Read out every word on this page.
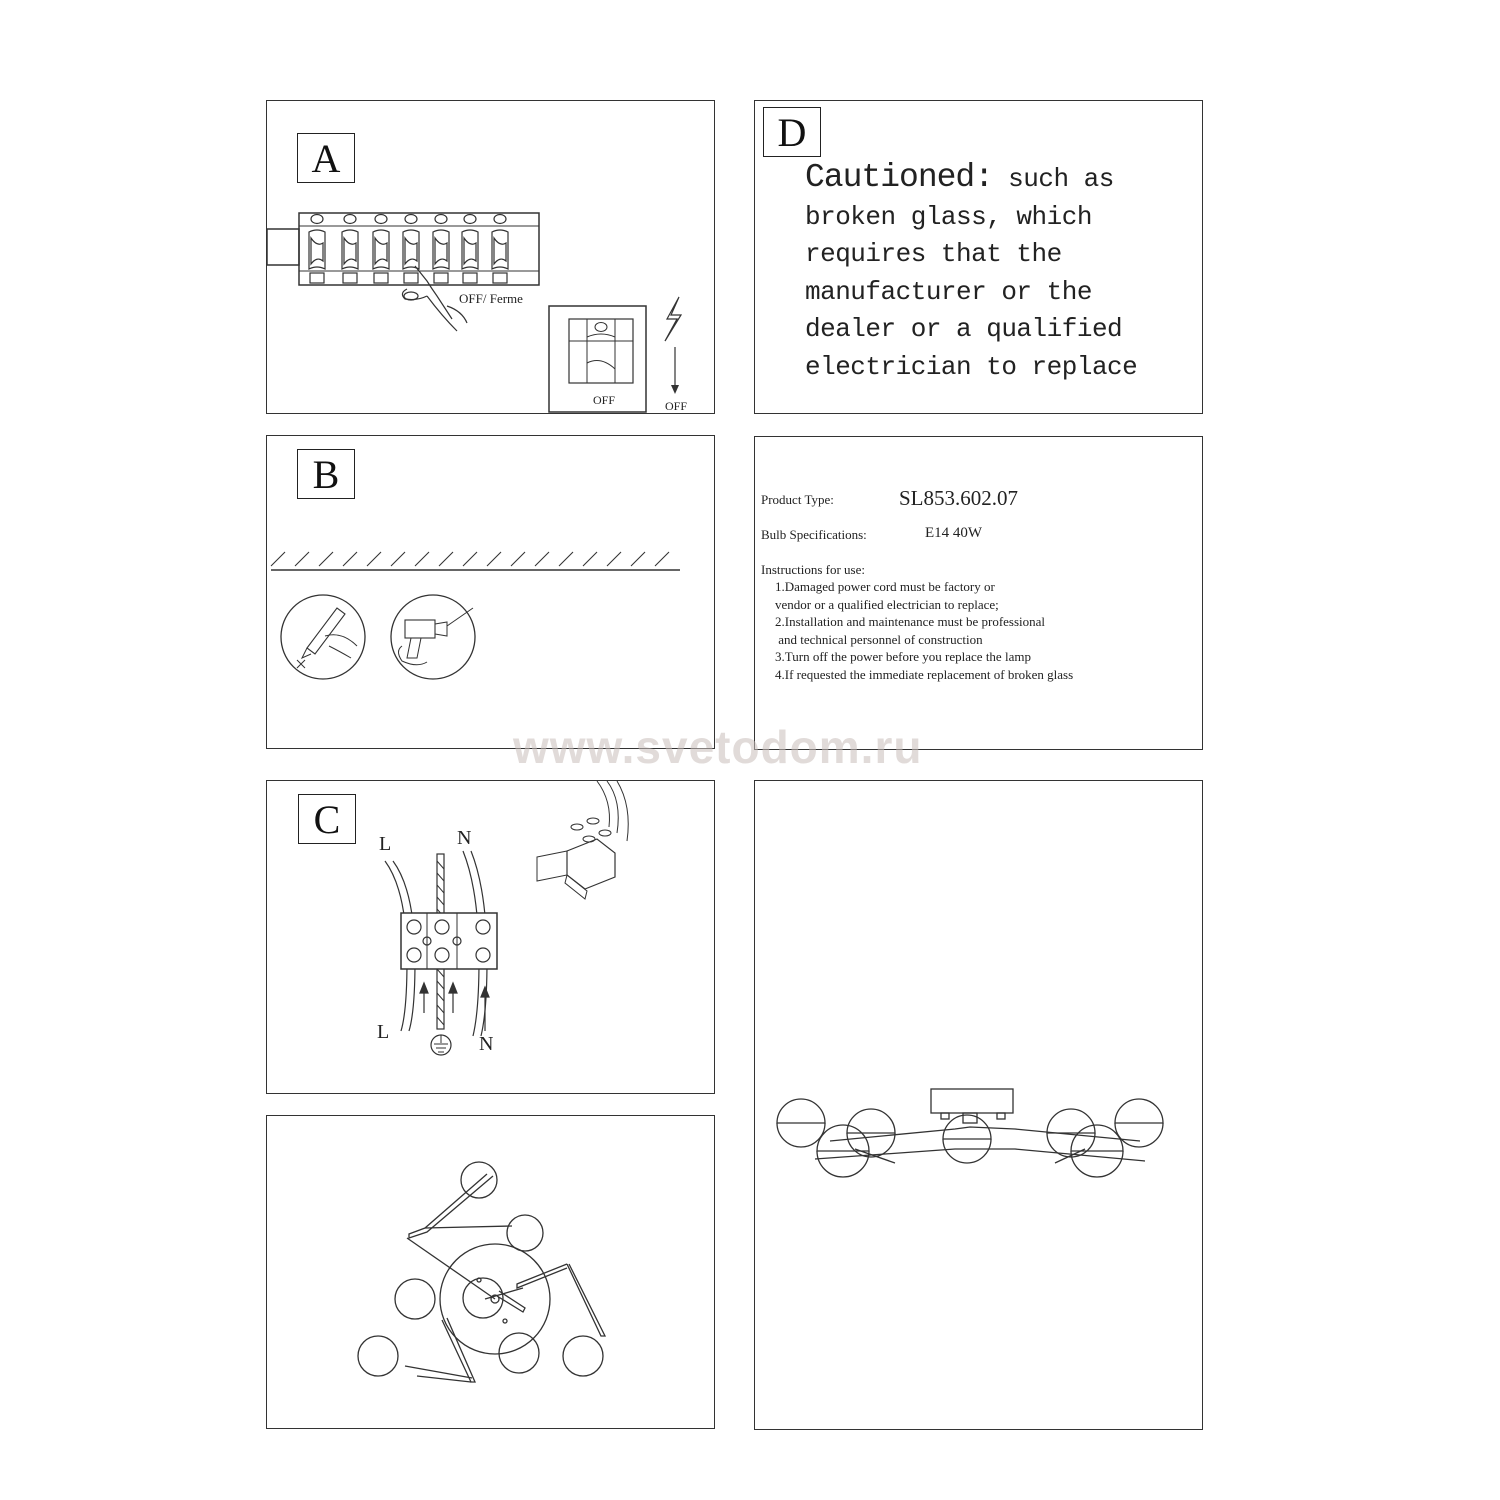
A
OFF/ Ferme
OFF	OFF
D
Cautioned: such as broken glass, which requires that the manufacturer or the dealer or a qualified electrician to replace
B
Product Type:	SL853.602.07
Bulb Specifications:	E14 40W
Instructions for use:
1.Damaged power cord must be factory or
vendor or a qualified electrician to replace;
2.Installation and maintenance must be professional
and technical personnel of construction
3.Turn off the power before you replace the lamp
4.If requested the immediate replacement of broken glass
C
L	N
L
N
www.svetodom.ru
